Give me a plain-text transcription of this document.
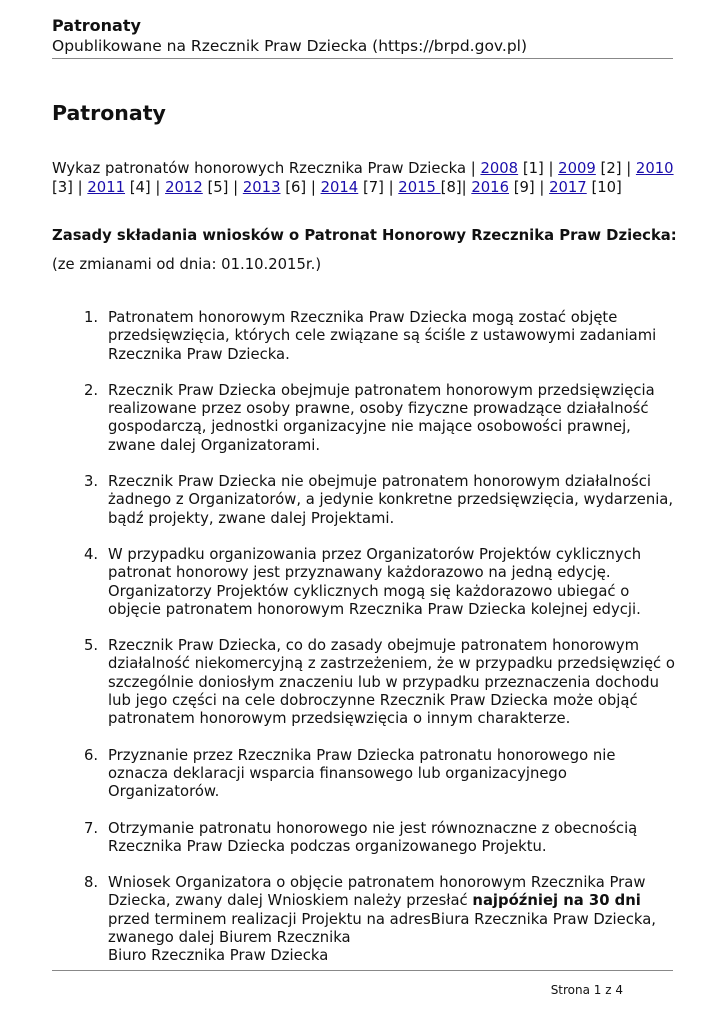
Patronaty
Opublikowane na Rzecznik Praw Dziecka (https://brpd.gov.pl)
Patronaty
Wykaz patronatów honorowych Rzecznika Praw Dziecka | 2008 [1] | 2009 [2] | 2010 [3] | 2011 [4] | 2012 [5] | 2013 [6] | 2014 [7] | 2015 [8]| 2016 [9] | 2017 [10]
Zasady składania wniosków o Patronat Honorowy Rzecznika Praw Dziecka:
(ze zmianami od dnia: 01.10.2015r.)
1. Patronatem honorowym Rzecznika Praw Dziecka mogą zostać objęte przedsięwzięcia, których cele związane są ściśle z ustawowymi zadaniami Rzecznika Praw Dziecka.
2. Rzecznik Praw Dziecka obejmuje patronatem honorowym przedsięwzięcia realizowane przez osoby prawne, osoby fizyczne prowadzące działalność gospodarczą, jednostki organizacyjne nie mające osobowości prawnej, zwane dalej Organizatorami.
3. Rzecznik Praw Dziecka nie obejmuje patronatem honorowym działalności żadnego z Organizatorów, a jedynie konkretne przedsięwzięcia, wydarzenia, bądź projekty, zwane dalej Projektami.
4. W przypadku organizowania przez Organizatorów Projektów cyklicznych patronat honorowy jest przyznawany każdorazowo na jedną edycję. Organizatorzy Projektów cyklicznych mogą się każdorazowo ubiegać o objęcie patronatem honorowym Rzecznika Praw Dziecka kolejnej edycji.
5. Rzecznik Praw Dziecka, co do zasady obejmuje patronatem honorowym działalność niekomercyjną z zastrzeżeniem, że w przypadku przedsięwzięć o szczególnie doniosłym znaczeniu lub w przypadku przeznaczenia dochodu lub jego części na cele dobroczynne Rzecznik Praw Dziecka może objąć patronatem honorowym przedsięwzięcia o innym charakterze.
6. Przyznanie przez Rzecznika Praw Dziecka patronatu honorowego nie oznacza deklaracji wsparcia finansowego lub organizacyjnego Organizatorów.
7. Otrzymanie patronatu honorowego nie jest równoznaczne z obecnością Rzecznika Praw Dziecka podczas organizowanego Projektu.
8. Wniosek Organizatora o objęcie patronatem honorowym Rzecznika Praw Dziecka, zwany dalej Wnioskiem należy przesłać najpóźniej na 30 dni przed terminem realizacji Projektu na adresBiura Rzecznika Praw Dziecka, zwanego dalej Biurem Rzecznika
Biuro Rzecznika Praw Dziecka
Strona 1 z 4
